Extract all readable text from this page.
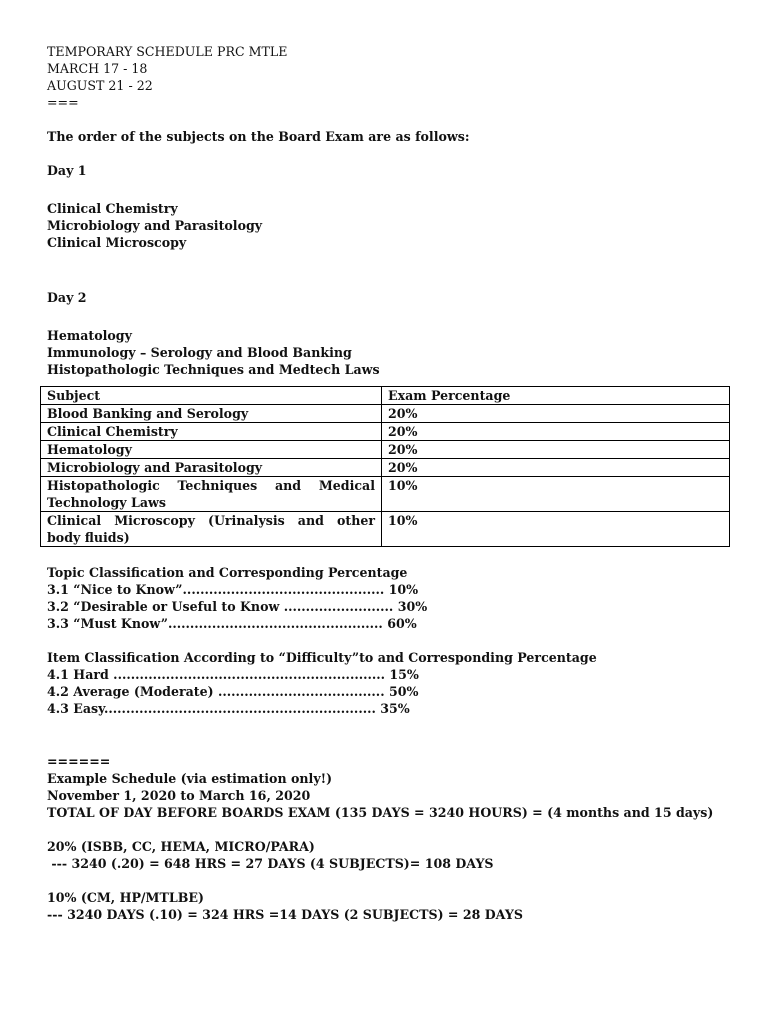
TEMPORARY SCHEDULE PRC MTLE
MARCH 17 - 18
AUGUST 21 - 22
===
The order of the subjects on the Board Exam are as follows:
Day 1
Clinical Chemistry
Microbiology and Parasitology
Clinical Microscopy
Day 2
Hematology
Immunology – Serology and Blood Banking
Histopathologic Techniques and Medtech Laws
Subject	Exam Percentage
Blood Banking and Serology	20%
Clinical Chemistry	20%
Hematology	20%
Microbiology and Parasitology	20%
Histopathologic Techniques and Medical Technology Laws	10%
Clinical Microscopy (Urinalysis and other body fluids)	10%
Topic Classification and Corresponding Percentage
3.1 “Nice to Know”.............................................. 10%
3.2 “Desirable or Useful to Know ......................... 30%
3.3 “Must Know”................................................. 60%
Item Classification According to “Difficulty”to and Corresponding Percentage
4.1 Hard .............................................................. 15%
4.2 Average (Moderate) ...................................... 50%
4.3 Easy.............................................................. 35%
======
Example Schedule (via estimation only!)
November 1, 2020 to March 16, 2020
TOTAL OF DAY BEFORE BOARDS EXAM (135 DAYS = 3240 HOURS) = (4 months and 15 days)
20% (ISBB, CC, HEMA, MICRO/PARA)
--- 3240 (.20) = 648 HRS = 27 DAYS (4 SUBJECTS)= 108 DAYS
10% (CM, HP/MTLBE)
--- 3240 DAYS (.10) = 324 HRS =14 DAYS (2 SUBJECTS) = 28 DAYS
